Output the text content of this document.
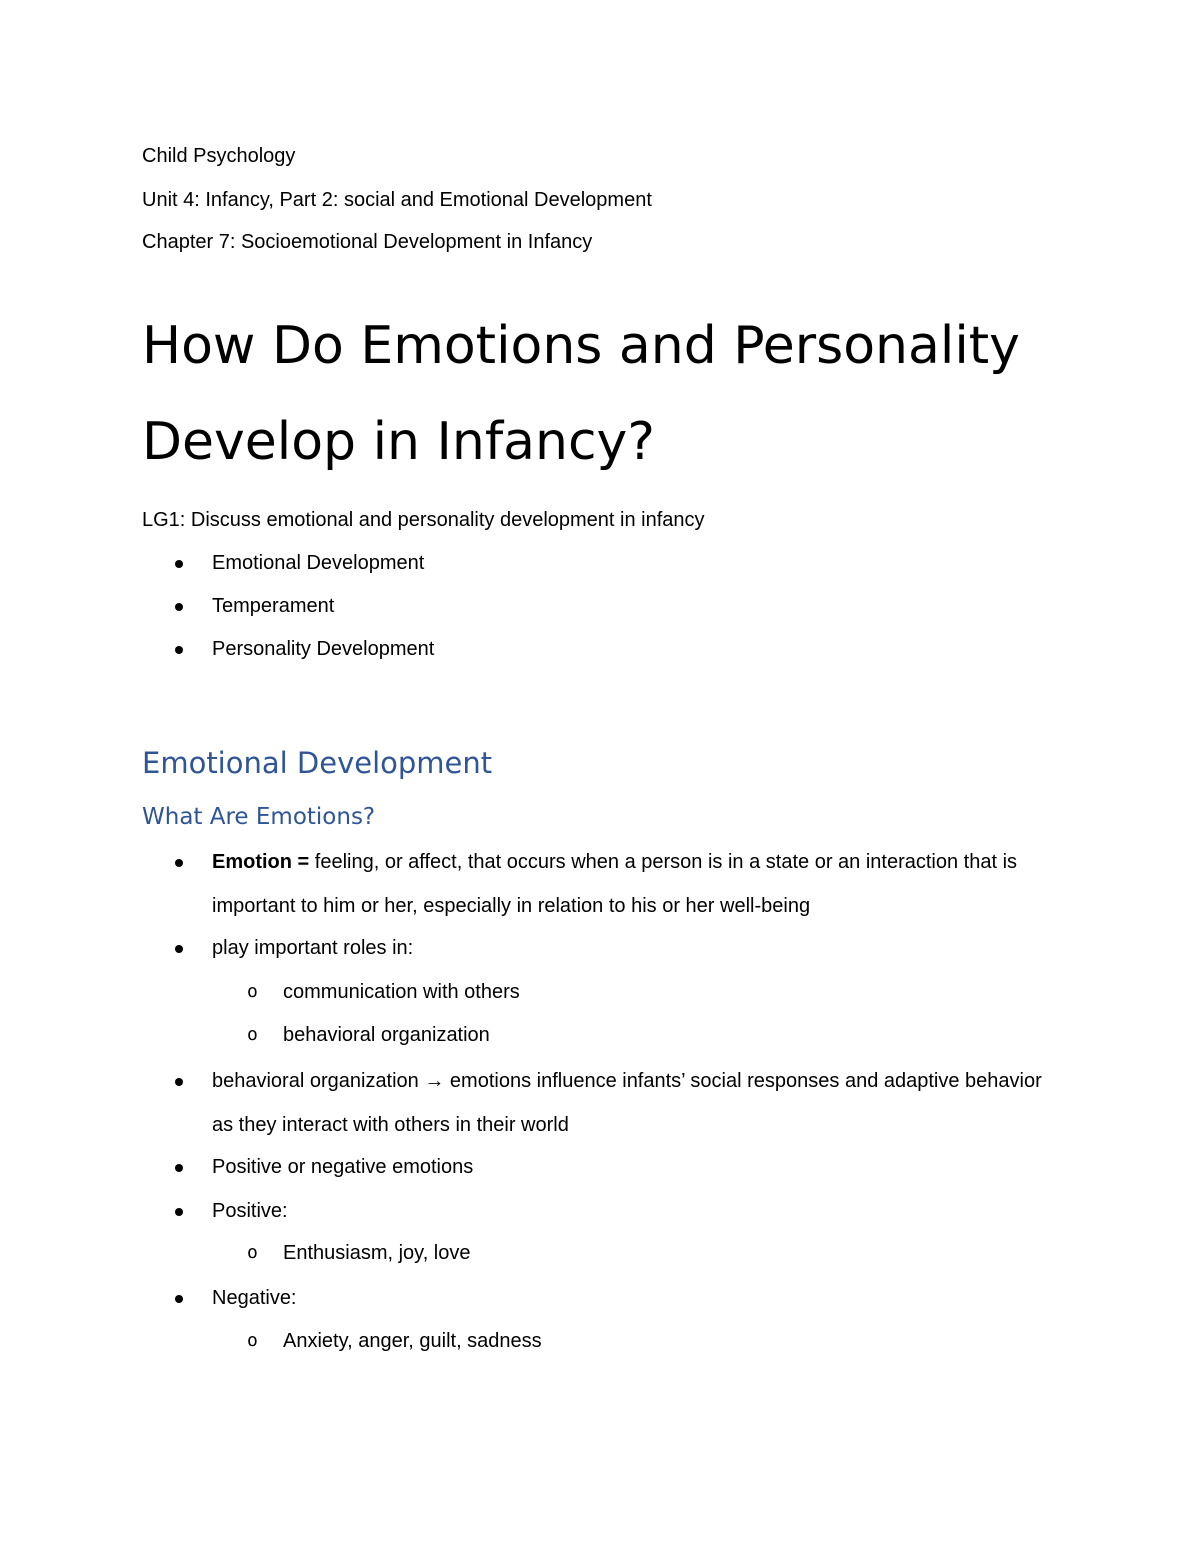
Child Psychology
Unit 4: Infancy, Part 2: social and Emotional Development
Chapter 7: Socioemotional Development in Infancy
How Do Emotions and Personality Develop in Infancy?
LG1: Discuss emotional and personality development in infancy
Emotional Development
Temperament
Personality Development
Emotional Development
What Are Emotions?
Emotion = feeling, or affect, that occurs when a person is in a state or an interaction that is important to him or her, especially in relation to his or her well-being
play important roles in:
o communication with others
o behavioral organization
behavioral organization → emotions influence infants’ social responses and adaptive behavior as they interact with others in their world
Positive or negative emotions
Positive:
o Enthusiasm, joy, love
Negative:
o Anxiety, anger, guilt, sadness
